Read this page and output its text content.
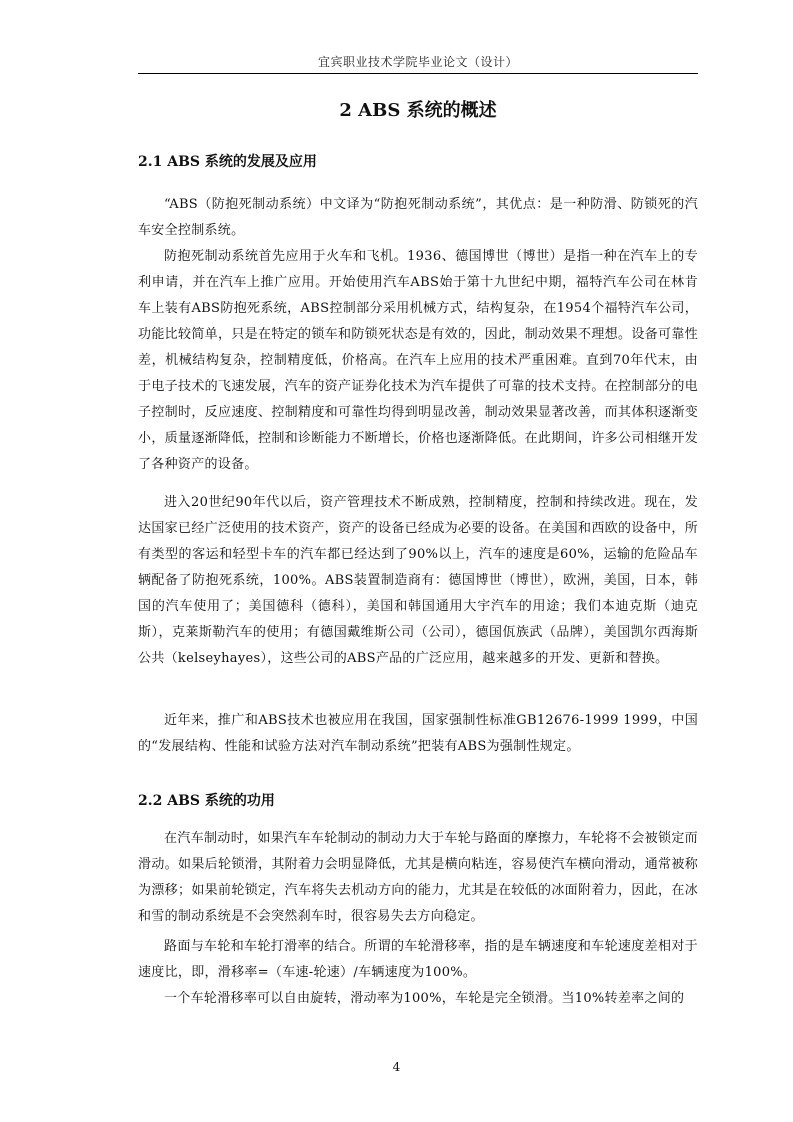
宜宾职业技术学院毕业论文（设计）
2 ABS 系统的概述
2.1 ABS 系统的发展及应用

“ABS（防抱死制动系统）中文译为“防抱死制动系统”，其优点：是一种防滑、防锁死的汽车安全控制系统。

防抱死制动系统首先应用于火车和飞机。1936、德国博世（博世）是指一种在汽车上的专利申请，并在汽车上推广应用。开始使用汽车ABS始于第十九世纪中期，福特汽车公司在林肯车上装有ABS防抱死系统，ABS控制部分采用机械方式，结构复杂，在1954个福特汽车公司，功能比较简单，只是在特定的锁车和防锁死状态是有效的，因此，制动效果不理想。设备可靠性差，机械结构复杂，控制精度低，价格高。在汽车上应用的技术严重困难。直到70年代末，由于电子技术的飞速发展，汽车的资产证券化技术为汽车提供了可靠的技术支持。在控制部分的电子控制时，反应速度、控制精度和可靠性均得到明显改善，制动效果显著改善，而其体积逐渐变小，质量逐渐降低，控制和诊断能力不断增长，价格也逐渐降低。在此期间，许多公司相继开发了各种资产的设备。

进入20世纪90年代以后，资产管理技术不断成熟，控制精度，控制和持续改进。现在，发达国家已经广泛使用的技术资产，资产的设备已经成为必要的设备。在美国和西欧的设备中，所有类型的客运和轻型卡车的汽车都已经达到了90%以上，汽车的速度是60%，运输的危险品车辆配备了防抱死系统，100%。ABS装置制造商有：德国博世（博世），欧洲，美国，日本，韩国的汽车使用了；美国德科（德科），美国和韩国通用大宇汽车的用途；我们本迪克斯（迪克斯），克莱斯勒汽车的使用；有德国戴维斯公司（公司），德国佤族武（品牌），美国凯尔西海斯公共（kelseyhayes），这些公司的ABS产品的广泛应用，越来越多的开发、更新和替换。

近年来，推广和ABS技术也被应用在我国，国家强制性标准GB12676-1999 1999，中国的“发展结构、性能和试验方法对汽车制动系统”把装有ABS为强制性规定。

2.2 ABS 系统的功用

在汽车制动时，如果汽车车轮制动的制动力大于车轮与路面的摩擦力，车轮将不会被锁定而滑动。如果后轮锁滑，其附着力会明显降低，尤其是横向粘连，容易使汽车横向滑动，通常被称为漂移；如果前轮锁定，汽车将失去机动方向的能力，尤其是在较低的冰面附着力，因此，在冰和雪的制动系统是不会突然刹车时，很容易失去方向稳定。

路面与车轮和车轮打滑率的结合。所谓的车轮滑移率，指的是车辆速度和车轮速度差相对于速度比，即，滑移率=（车速-轮速）/车辆速度为100%。

一个车轮滑移率可以自由旋转，滑动率为100%，车轮是完全锁滑。当10%转差率之间的

4
